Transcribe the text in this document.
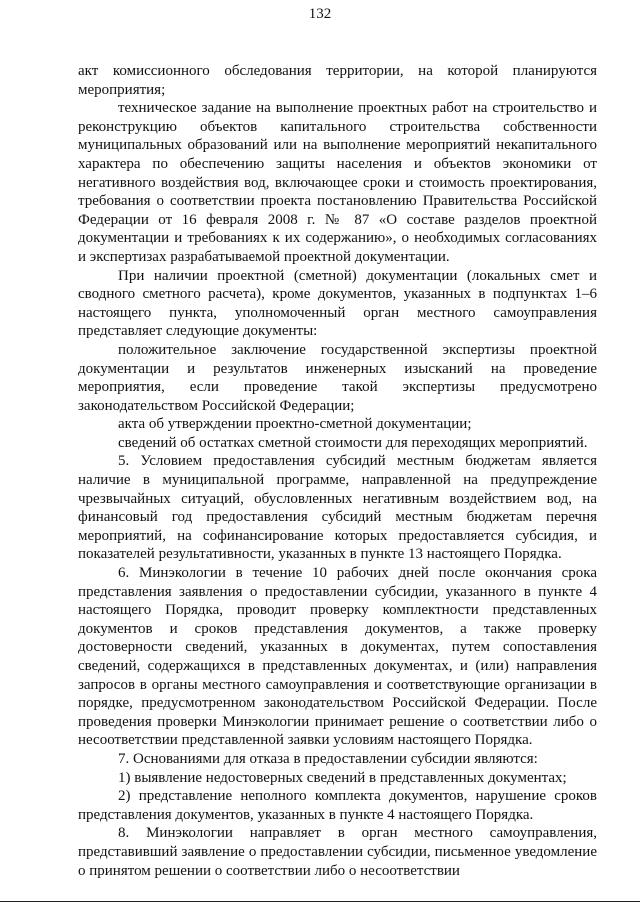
132

акт комиссионного обследования территории, на которой планируются мероприятия;

техническое задание на выполнение проектных работ на строительство и реконструкцию объектов капитального строительства собственности муниципальных образований или на выполнение мероприятий некапитального характера по обеспечению защиты населения и объектов экономики от негативного воздействия вод, включающее сроки и стоимость проектирования, требования о соответствии проекта постановлению Правительства Российской Федерации от 16 февраля 2008 г. № 87 «О составе разделов проектной документации и требованиях к их содержанию», о необходимых согласованиях и экспертизах разрабатываемой проектной документации.

При наличии проектной (сметной) документации (локальных смет и сводного сметного расчета), кроме документов, указанных в подпунктах 1–6 настоящего пункта, уполномоченный орган местного самоуправления представляет следующие документы:

положительное заключение государственной экспертизы проектной документации и результатов инженерных изысканий на проведение мероприятия, если проведение такой экспертизы предусмотрено законодательством Российской Федерации;

акта об утверждении проектно-сметной документации;

сведений об остатках сметной стоимости для переходящих мероприятий.

5. Условием предоставления субсидий местным бюджетам является наличие в муниципальной программе, направленной на предупреждение чрезвычайных ситуаций, обусловленных негативным воздействием вод, на финансовый год предоставления субсидий местным бюджетам перечня мероприятий, на софинансирование которых предоставляется субсидия, и показателей результативности, указанных в пункте 13 настоящего Порядка.

6. Минэкологии в течение 10 рабочих дней после окончания срока представления заявления о предоставлении субсидии, указанного в пункте 4 настоящего Порядка, проводит проверку комплектности представленных документов и сроков представления документов, а также проверку достоверности сведений, указанных в документах, путем сопоставления сведений, содержащихся в представленных документах, и (или) направления запросов в органы местного самоуправления и соответствующие организации в порядке, предусмотренном законодательством Российской Федерации. После проведения проверки Минэкологии принимает решение о соответствии либо о несоответствии представленной заявки условиям настоящего Порядка.

7. Основаниями для отказа в предоставлении субсидии являются:

1) выявление недостоверных сведений в представленных документах;

2) представление неполного комплекта документов, нарушение сроков представления документов, указанных в пункте 4 настоящего Порядка.

8. Минэкологии направляет в орган местного самоуправления, представивший заявление о предоставлении субсидии, письменное уведомление о принятом решении о соответствии либо о несоответствии
